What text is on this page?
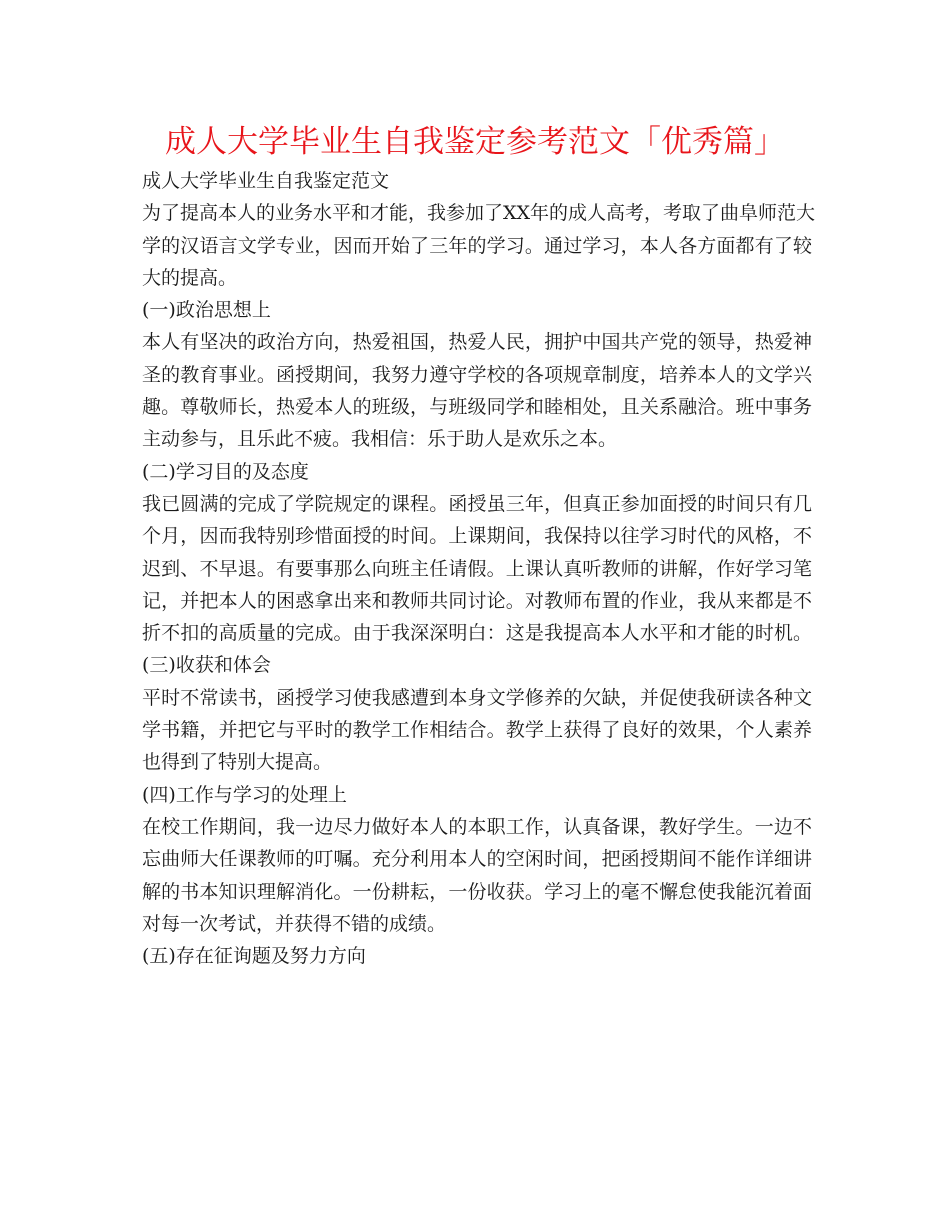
成人大学毕业生自我鉴定参考范文「优秀篇」
成人大学毕业生自我鉴定范文
为了提高本人的业务水平和才能，我参加了XX年的成人高考，考取了曲阜师范大
学的汉语言文学专业，因而开始了三年的学习。通过学习，本人各方面都有了较
大的提高。
(一)政治思想上
本人有坚决的政治方向，热爱祖国，热爱人民，拥护中国共产党的领导，热爱神
圣的教育事业。函授期间，我努力遵守学校的各项规章制度，培养本人的文学兴
趣。尊敬师长，热爱本人的班级，与班级同学和睦相处，且关系融洽。班中事务
主动参与，且乐此不疲。我相信：乐于助人是欢乐之本。
(二)学习目的及态度
我已圆满的完成了学院规定的课程。函授虽三年，但真正参加面授的时间只有几
个月，因而我特别珍惜面授的时间。上课期间，我保持以往学习时代的风格，不
迟到、不早退。有要事那么向班主任请假。上课认真听教师的讲解，作好学习笔
记，并把本人的困惑拿出来和教师共同讨论。对教师布置的作业，我从来都是不
折不扣的高质量的完成。由于我深深明白：这是我提高本人水平和才能的时机。
(三)收获和体会
平时不常读书，函授学习使我感遭到本身文学修养的欠缺，并促使我研读各种文
学书籍，并把它与平时的教学工作相结合。教学上获得了良好的效果，个人素养
也得到了特别大提高。
(四)工作与学习的处理上
在校工作期间，我一边尽力做好本人的本职工作，认真备课，教好学生。一边不
忘曲师大任课教师的叮嘱。充分利用本人的空闲时间，把函授期间不能作详细讲
解的书本知识理解消化。一份耕耘，一份收获。学习上的毫不懈怠使我能沉着面
对每一次考试，并获得不错的成绩。
(五)存在征询题及努力方向
